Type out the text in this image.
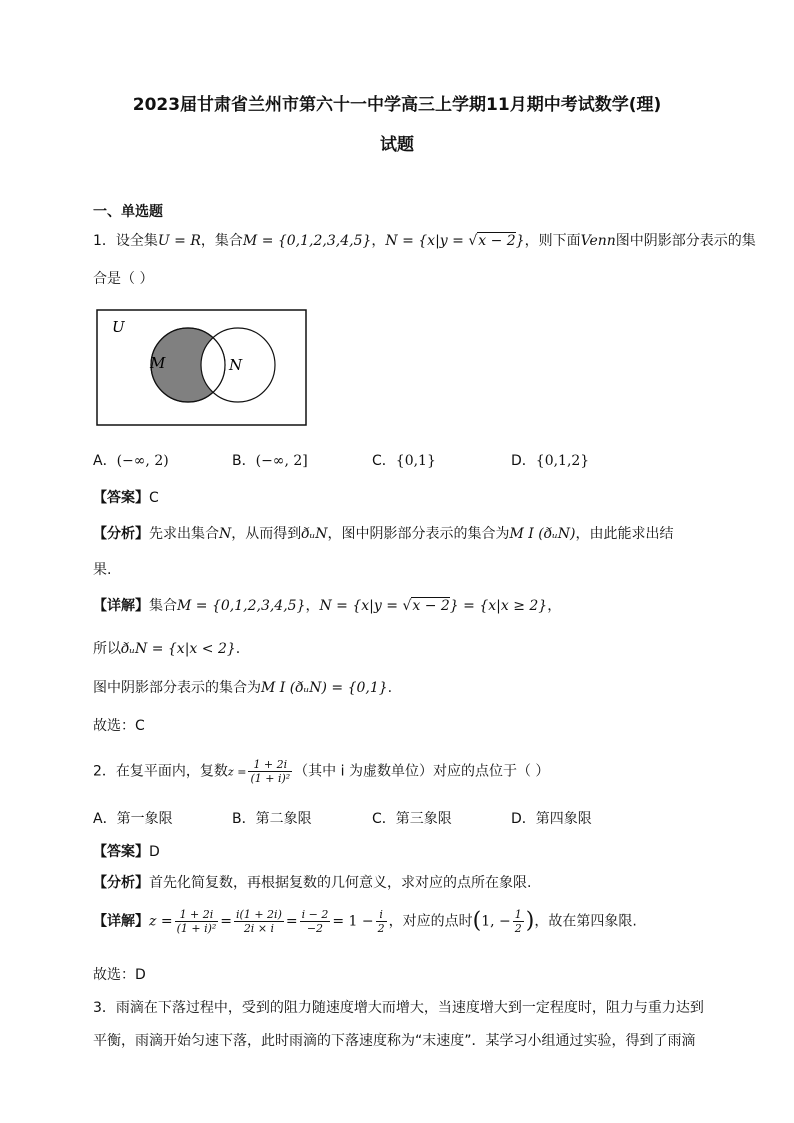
2023届甘肃省兰州市第六十一中学高三上学期11月期中考试数学(理)
试题
一、单选题
1．设全集U = R，集合M = {0,1,2,3,4,5}，N = {x|y = √x − 2}，则下面Venn图中阴影部分表示的集
合是（ ）
U
M	N
A．(−∞, 2)	B．(−∞, 2]	C．{0,1}	D．{0,1,2}
【答案】C
【分析】先求出集合N，从而得到ðᵤN，图中阴影部分表示的集合为M I (ðᵤN)，由此能求出结
果.
【详解】集合M = {0,1,2,3,4,5}，N = {x|y = √x − 2} = {x|x ≥ 2}，
所以ðᵤN = {x|x < 2}.
图中阴影部分表示的集合为M I (ðᵤN) = {0,1}.
故选：C
2．在复平面内，复数$z = \frac{1 + 2i}{\text{(1 + i)²}}$ （其中 i 为虚数单位）对应的点位于（ ）
A．第一象限	B．第二象限	C．第三象限	D．第四象限
【答案】D
【分析】首先化简复数，再根据复数的几何意义，求对应的点所在象限.
【详解】$z = \frac{1 + 2i}{\text{(1 + i)²}} = \frac{i(1 + 2i)}{2i \times i} = \frac{i - 2}{-2} = 1 - \frac{i}{2}$ ，对应的点时(1, − $\frac{1}{2}$ )，故在第四象限.
故选：D
3．雨滴在下落过程中，受到的阻力随速度增大而增大，当速度增大到一定程度时，阻力与重力达到
平衡，雨滴开始匀速下落，此时雨滴的下落速度称为“末速度”．某学习小组通过实验，得到了雨滴
